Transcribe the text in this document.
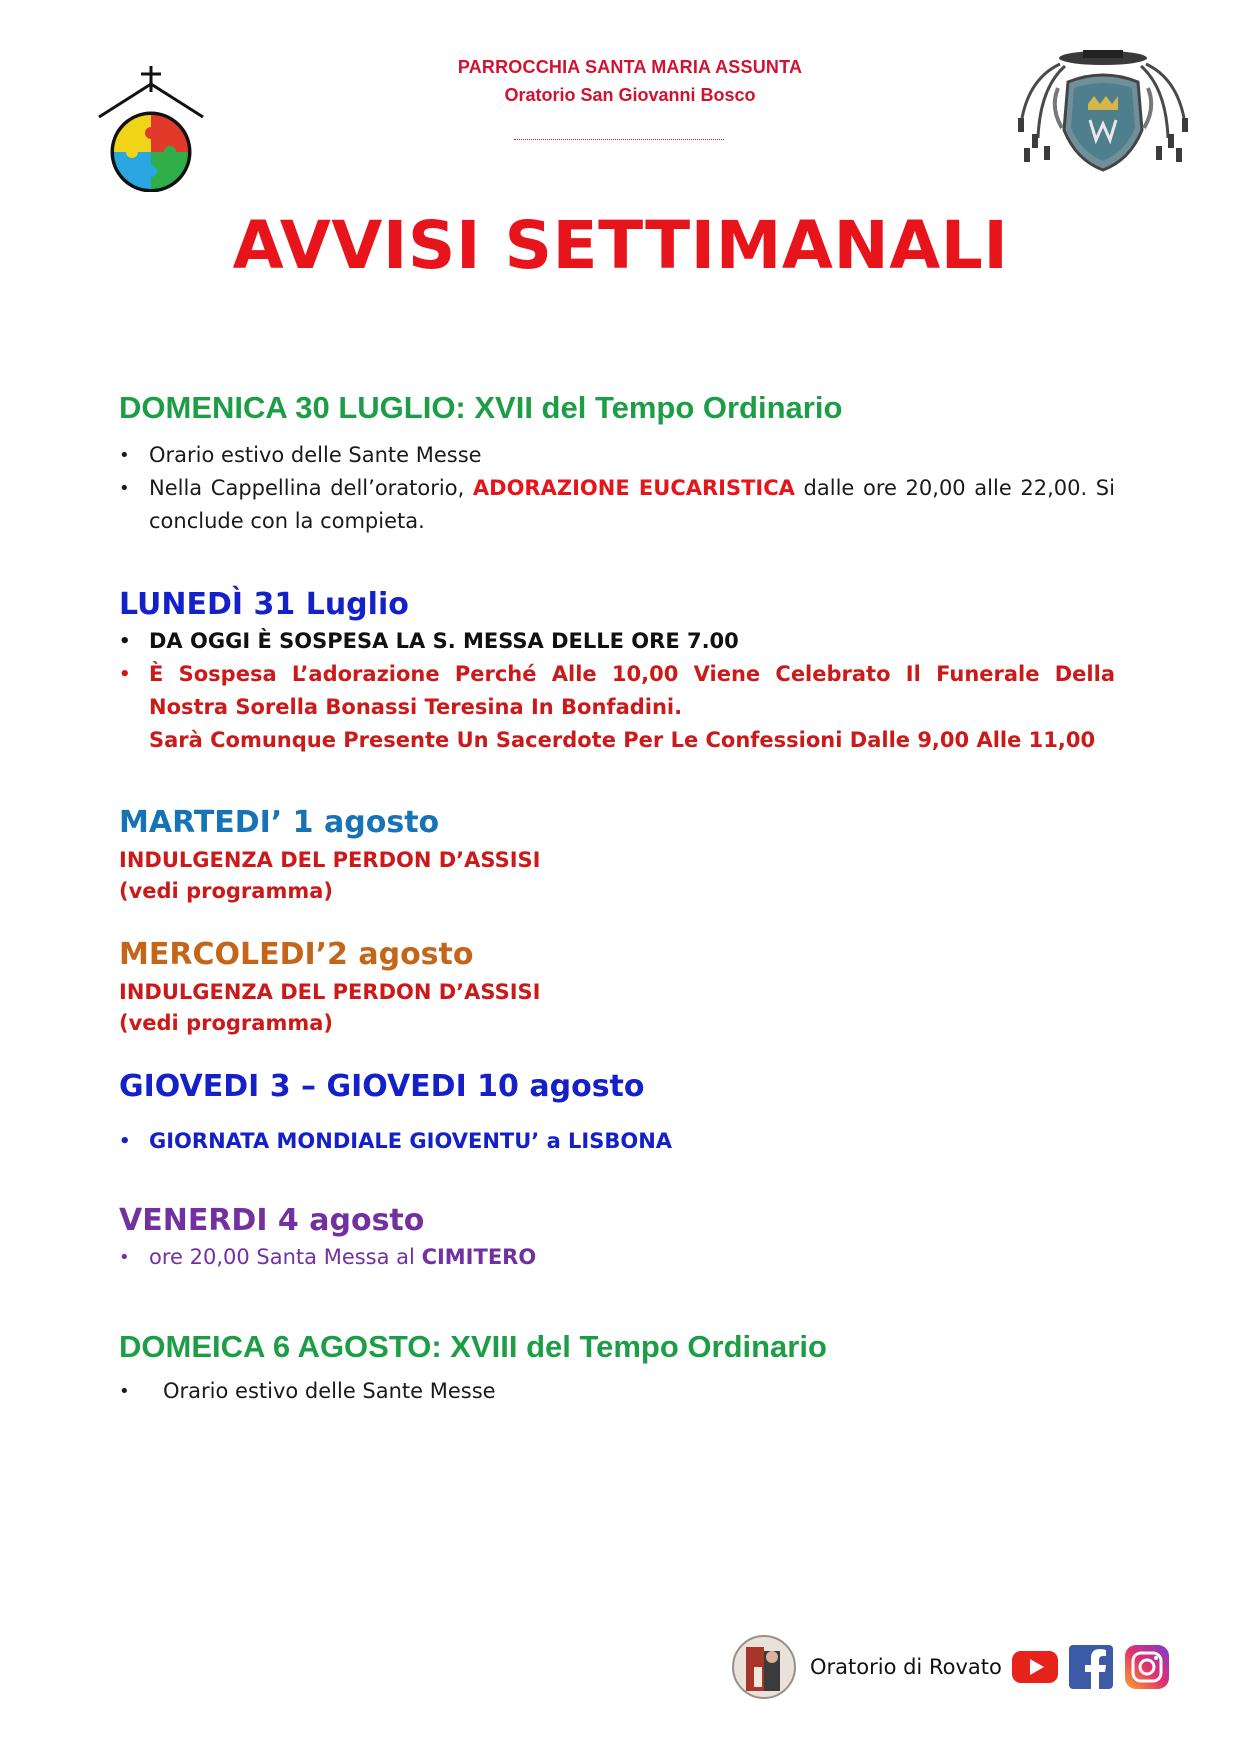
PARROCCHIA SANTA MARIA ASSUNTA
Oratorio San Giovanni Bosco
AVVISI SETTIMANALI
DOMENICA 30 LUGLIO: XVII del Tempo Ordinario
• Orario estivo delle Sante Messe
• Nella Cappellina dell’oratorio, ADORAZIONE EUCARISTICA dalle ore 20,00 alle 22,00. Si conclude con la compieta.
LUNEDÌ 31 Luglio
• DA OGGI È SOSPESA LA S. MESSA DELLE ORE 7.00
• È Sospesa L’adorazione Perché Alle 10,00 Viene Celebrato Il Funerale Della Nostra Sorella Bonassi Teresina In Bonfadini.
Sarà Comunque Presente Un Sacerdote Per Le Confessioni Dalle 9,00 Alle 11,00
MARTEDI’ 1 agosto
INDULGENZA DEL PERDON D’ASSISI
(vedi programma)
MERCOLEDI’2 agosto
INDULGENZA DEL PERDON D’ASSISI
(vedi programma)
GIOVEDI 3 – GIOVEDI 10 agosto
• GIORNATA MONDIALE GIOVENTU’ a LISBONA
VENERDI 4 agosto
• ore 20,00 Santa Messa al CIMITERO
DOMEICA 6 AGOSTO: XVIII del Tempo Ordinario
• Orario estivo delle Sante Messe
Oratorio di Rovato
